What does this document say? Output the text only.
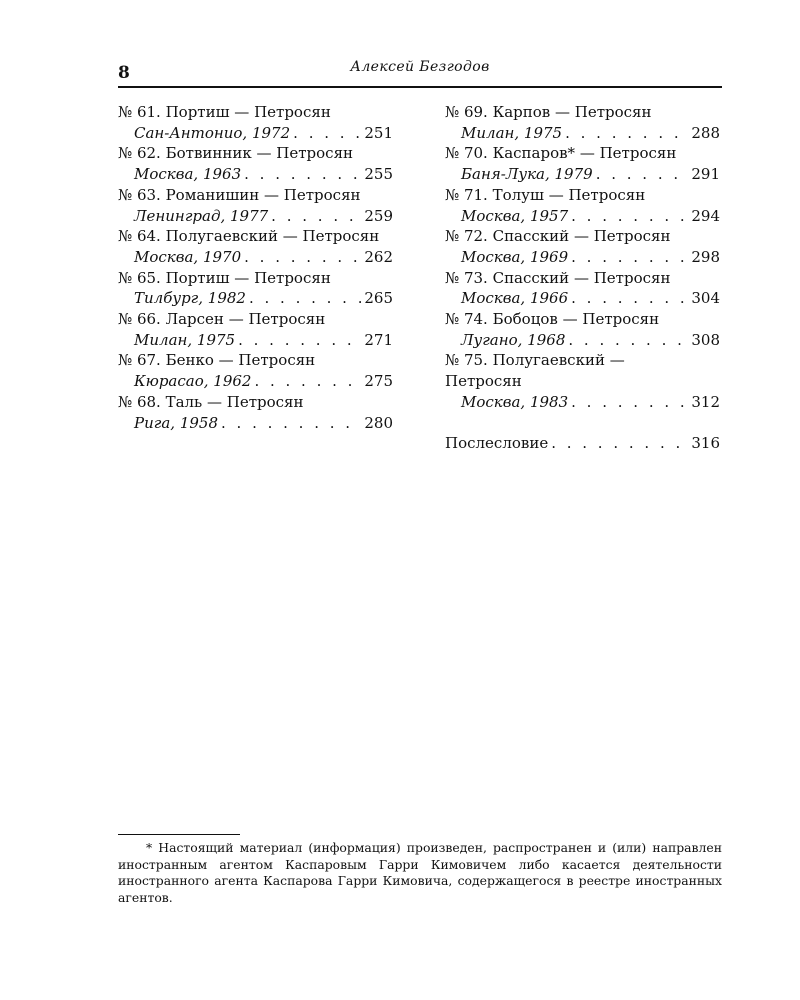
8	Алексей Безгодов
№ 61. Портиш — Петросян
Сан-Антонио, 1972 . . .	251
№ 62. Ботвинник — Петросян
Москва, 1963 . . .	255
№ 63. Романишин — Петросян
Ленинград, 1977 . . .	259
№ 64. Полугаевский — Петросян
Москва, 1970 . . .	262
№ 65. Портиш — Петросян
Тилбург, 1982 . . .	265
№ 66. Ларсен — Петросян
Милан, 1975 . . .	271
№ 67. Бенко — Петросян
Кюрасао, 1962 . . .	275
№ 68. Таль — Петросян
Рига, 1958 . . .	280
№ 69. Карпов — Петросян
Милан, 1975 . . .	288
№ 70. Каспаров* — Петросян
Баня-Лука, 1979 . . .	291
№ 71. Толуш — Петросян
Москва, 1957 . . .	294
№ 72. Спасский — Петросян
Москва, 1969 . . .	298
№ 73. Спасский — Петросян
Москва, 1966 . . .	304
№ 74. Бобоцов — Петросян
Лугано, 1968 . . .	308
№ 75. Полугаевский — Петросян
Москва, 1983 . . .	312
Послесловие . . .	316
* Настоящий материал (информация) произведен, распространен и (или) направлен иностранным агентом Каспаровым Гарри Кимовичем либо касается деятельности иностранного агента Каспарова Гарри Кимовича, содержащегося в реестре иностранных агентов.
